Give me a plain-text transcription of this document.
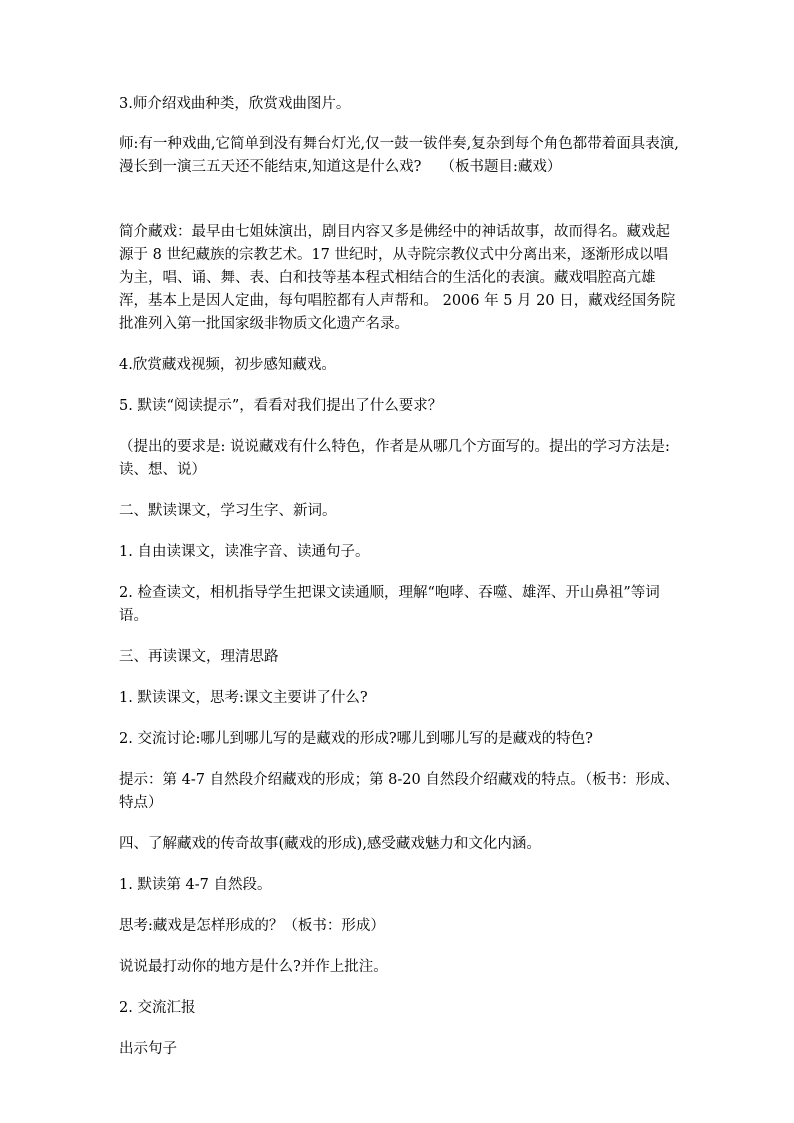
3.师介绍戏曲种类，欣赏戏曲图片。

师:有一种戏曲,它简单到没有舞台灯光,仅一鼓一钹伴奏,复杂到每个角色都带着面具表演,漫长到一演三五天还不能结束,知道这是什么戏?　 （板书题目:藏戏）

简介藏戏：最早由七姐妹演出，剧目内容又多是佛经中的神话故事，故而得名。藏戏起源于 8 世纪藏族的宗教艺术。17 世纪时，从寺院宗教仪式中分离出来，逐渐形成以唱为主，唱、诵、舞、表、白和技等基本程式相结合的生活化的表演。藏戏唱腔高亢雄浑，基本上是因人定曲，每句唱腔都有人声帮和。 2006 年 5 月 20 日，藏戏经国务院批准列入第一批国家级非物质文化遗产名录。

4.欣赏藏戏视频，初步感知藏戏。

5. 默读“阅读提示”，看看对我们提出了什么要求？

（提出的要求是: 说说藏戏有什么特色，作者是从哪几个方面写的。提出的学习方法是:读、想、说）

二、默读课文，学习生字、新词。

1. 自由读课文，读准字音、读通句子。

2. 检查读文，相机指导学生把课文读通顺，理解“咆哮、吞噬、雄浑、开山鼻祖”等词语。

三、再读课文，理清思路

1. 默读课文，思考:课文主要讲了什么?

2. 交流讨论:哪儿到哪儿写的是藏戏的形成?哪儿到哪儿写的是藏戏的特色?

提示：第 4-7 自然段介绍藏戏的形成；第 8-20 自然段介绍藏戏的特点。（板书：形成、特点）

四、了解藏戏的传奇故事(藏戏的形成),感受藏戏魅力和文化内涵。

1. 默读第 4-7 自然段。

思考:藏戏是怎样形成的？（板书：形成）

说说最打动你的地方是什么?并作上批注。

2. 交流汇报

出示句子
